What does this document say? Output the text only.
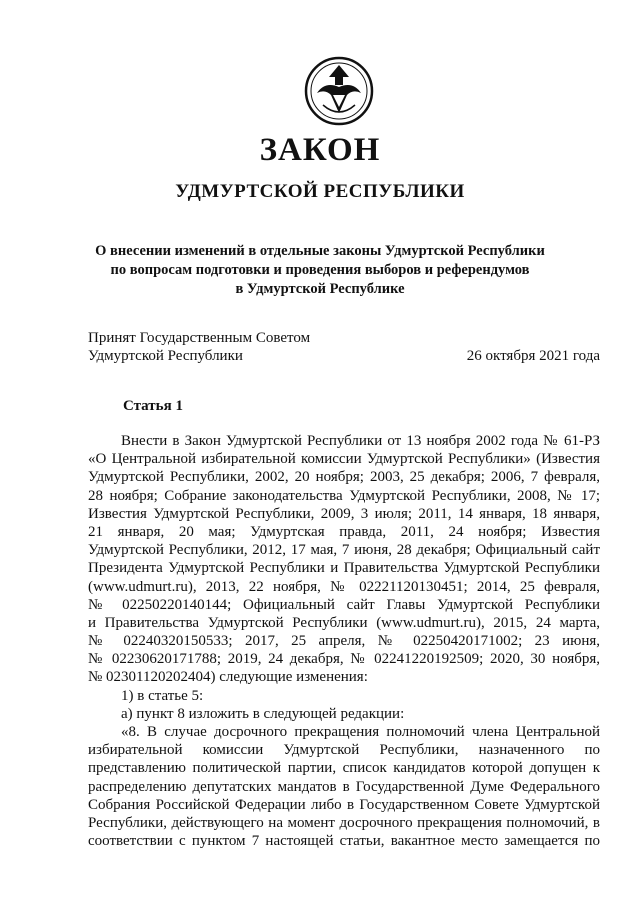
ЗАКОН
УДМУРТСКОЙ РЕСПУБЛИКИ
О внесении изменений в отдельные законы Удмуртской Республики
по вопросам подготовки и проведения выборов и референдумов
в Удмуртской Республике
Принят Государственным Советом
Удмуртской Республики	26 октября 2021 года
Статья 1
Внести в Закон Удмуртской Республики от 13 ноября 2002 года № 61-РЗ
«О Центральной избирательной комиссии Удмуртской Республики» (Известия
Удмуртской Республики, 2002, 20 ноября; 2003, 25 декабря; 2006, 7 февраля,
28 ноября; Собрание законодательства Удмуртской Республики, 2008, № 17;
Известия Удмуртской Республики, 2009, 3 июля; 2011, 14 января, 18 января,
21 января, 20 мая; Удмуртская правда, 2011, 24 ноября; Известия
Удмуртской Республики, 2012, 17 мая, 7 июня, 28 декабря; Официальный сайт
Президента Удмуртской Республики и Правительства Удмуртской Республики
(www.udmurt.ru), 2013, 22 ноября, № 02221120130451; 2014, 25 февраля,
№ 02250220140144; Официальный сайт Главы Удмуртской Республики
и Правительства Удмуртской Республики (www.udmurt.ru), 2015, 24 марта,
№ 02240320150533; 2017, 25 апреля, № 02250420171002; 23 июня,
№ 02230620171788; 2019, 24 декабря, № 02241220192509; 2020, 30 ноября,
№ 02301120202404) следующие изменения:
1) в статье 5:
а) пункт 8 изложить в следующей редакции:
«8. В случае досрочного прекращения полномочий члена Центральной
избирательной комиссии Удмуртской Республики, назначенного по
представлению политической партии, список кандидатов которой допущен к
распределению депутатских мандатов в Государственной Думе Федерального
Собрания Российской Федерации либо в Государственном Совете Удмуртской
Республики, действующего на момент досрочного прекращения полномочий, в
соответствии с пунктом 7 настоящей статьи, вакантное место замещается по
